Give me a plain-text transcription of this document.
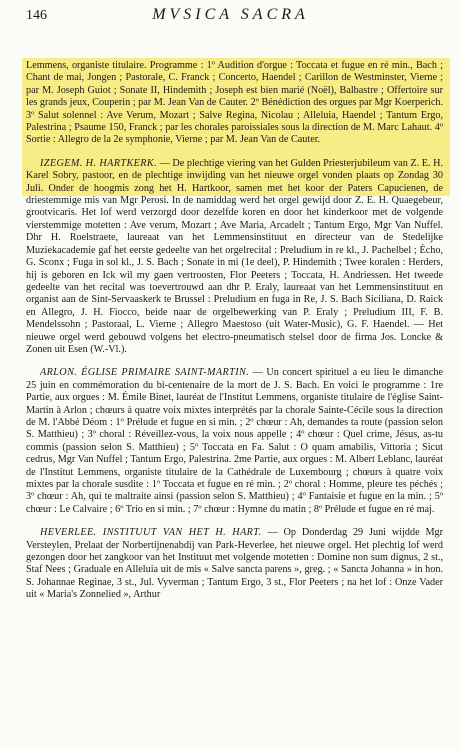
146	MVSICA SACRA

Lemmens, organiste titulaire. Programme : 1º Audition d'orgue : Toccata et fugue en ré min., Bach ; Chant de mai, Jongen ; Pastorale, C. Franck ; Concerto, Haendel ; Carillon de Westminster, Vierne ; par M. Joseph Guiot ; Sonate II, Hindemith ; Joseph est bien marié (Noël), Balbastre ; Offertoire sur les grands jeux, Couperin ; par M. Jean Van de Cauter. 2º Bénédiction des orgues par Mgr Koerperich. 3º Salut solennel : Ave Verum, Mozart ; Salve Regina, Nicolau ; Alleluia, Haendel ; Tantum Ergo, Palestrina ; Psaume 150, Franck ; par les chorales paroissiales sous la direction de M. Marc Lahaut. 4º Sortie : Allegro de la 2e symphonie, Vierne ; par M. Jean Van de Cauter.

IZEGEM. H. HARTKERK. — De plechtige viering van het Gulden Priesterjubileum van Z. E. H. Karel Sobry, pastoor, en de plechtige inwijding van het nieuwe orgel vonden plaats op Zondag 30 Juli. Onder de hoogmis zong het H. Hartkoor, samen met het koor der Paters Capucienen, de driestemmige mis van Mgr Perosi. In de namiddag werd het orgel gewijd door Z. E. H. Quaegebeur, grootvicaris. Het lof werd verzorgd door dezelfde koren en door het kinderkoor met de volgende vierstemmige motetten : Ave verum, Mozart ; Ave Maria, Arcadelt ; Tantum Ergo, Mgr Van Nuffel. Dhr H. Roelstraete, laureaat van het Lemmensinstituut en directeur van de Stedelijke Muziekacademie gaf het eerste gedeelte van het orgelrecital : Preludium in re kl., J. Pachelbel ; Écho, G. Sconx ; Fuga in sol kl., J. S. Bach ; Sonate in mi (1e deel), P. Hindemith ; Twee koralen : Herders, hij is geboren en Ick wil my gaen vertroosten, Flor Peeters ; Toccata, H. Andriessen. Het tweede gedeelte van het recital was toevertrouwd aan dhr P. Eraly, laureaat van het Lemmensinstituut en organist aan de Sint-Servaaskerk te Brussel : Preludium en fuga in Re, J. S. Bach Siciliana, D. Raick en Allegro, J. H. Fiocco, beide naar de orgelbewerking van P. Eraly ; Preludium III, F. B. Mendelssohn ; Pastoraal, L. Vierne ; Allegro Maestoso (uit Water-Music), G. F. Haendel. — Het nieuwe orgel werd gebouwd volgens het electro-pneumatisch stelsel door de firma Jos. Loncke & Zonen uit Esen (W.-Vl.).

ARLON. ÉGLISE PRIMAIRE SAINT-MARTIN. — Un concert spirituel a eu lieu le dimanche 25 juin en commémoration du bi-centenaire de la mort de J. S. Bach. En voici le programme : 1re Partie, aux orgues : M. Émile Binet, lauréat de l'Institut Lemmens, organiste titulaire de l'église Saint-Martin à Arlon ; chœurs à quatre voix mixtes interprétés par la chorale Sainte-Cécile sous la direction de M. l'Abbé Déom : 1º Prélude et fugue en si min. ; 2º chœur : Ah, demandes ta route (passion selon S. Matthieu) ; 3º choral : Réveillez-vous, la voix nous appelle ; 4º chœur : Quel crime, Jésus, as-tu commis (passion selon S. Matthieu) ; 5º Toccata en Fa. Salut : O quam amabilis, Vittoria ; Sicut cedrus, Mgr Van Nuffel ; Tantum Ergo, Palestrina. 2me Partie, aux orgues : M. Albert Leblanc, lauréat de l'Institut Lemmens, organiste titulaire de la Cathédrale de Luxembourg ; chœurs à quatre voix mixtes par la chorale susdite : 1º Toccata et fugue en ré min. ; 2º choral : Homme, pleure tes péchés ; 3º chœur : Ah, qui te maltraite ainsi (passion selon S. Matthieu) ; 4º Fantaisie et fugue en la min. ; 5º chœur : Le Calvaire ; 6º Trio en si min. ; 7º chœur : Hymne du matin ; 8º Prélude et fugue en ré maj.

HEVERLEE. INSTITUUT VAN HET H. HART. — Op Donderdag 29 Juni wijdde Mgr Versteylen, Prelaat der Norbertijnenabdij van Park-Heverlee, het nieuwe orgel. Het plechtig lof werd gezongen door het zangkoor van het Instituut met volgende motetten : Domine non sum dignus, 2 st., Staf Nees ; Graduale en Alleluia uit de mis « Salve sancta parens », greg. ; « Sancta Johanna » in hon. S. Johannae Reginae, 3 st., Jul. Vyverman ; Tantum Ergo, 3 st., Flor Peeters ; na het lof : Onze Vader uit « Maria's Zonnelied », Arthur
